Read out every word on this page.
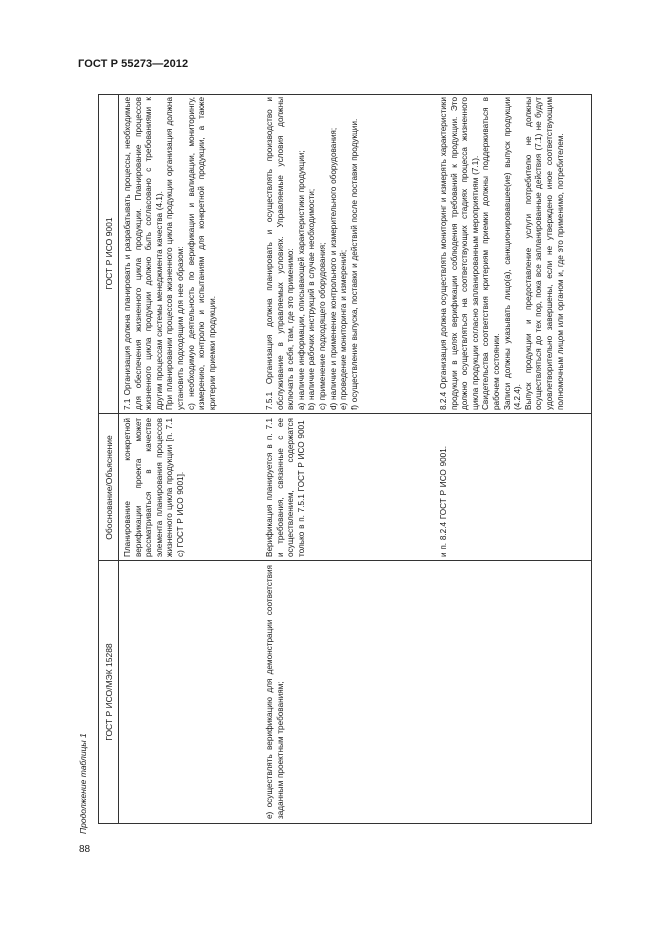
ГОСТ Р 55273—2012
Продолжение таблицы 1
ГОСТ Р ИСО/МЭК 15288
Обоснование/Объяснение
ГОСТ Р ИСО 9001
Планирование конкретной верификации проекта может рассматриваться в качестве элемента планирования процессов жизненного цикла продукции [п. 7.1 с) ГОСТ Р ИСО 9001].

7.1 Организация должна планировать и разрабатывать процессы, необходимые для обеспечения жизненного цикла продукции. Планирование процессов жизненного цикла продукции должно быть согласовано с требованиями к другим процессам системы менеджмента качества (4.1). При планировании процессов жизненного цикла продукции организация должна установить подходящим для нее образом: с) необходимую деятельность по верификации и валидации, мониторингу, измерению, контролю и испытаниям для конкретной продукции, а также критерии приемки продукции.

е) осуществлять верификацию для демонстрации соответствия заданным проектным требованиям;
Верификация планируется в п. 7.1 и требования, связанные с ее осуществлением, содержатся только в п. 7.5.1 ГОСТ Р ИСО 9001

7.5.1 Организация должна планировать и осуществлять производство и обслуживание в управляемых условиях. Управляемые условия должны включать в себя, там, где это применимо: а) наличие информации, описывающей характеристики продукции; b) наличие рабочих инструкций в случае необходимости; с) применение подходящего оборудования; d) наличие и применение контрольного и измерительного оборудования; е) проведение мониторинга и измерений; f) осуществление выпуска, поставки и действий после поставки продукции.

и п. 8.2.4 ГОСТ Р ИСО 9001.

8.2.4 Организация должна осуществлять мониторинг и измерять характеристики продукции в целях верификации соблюдения требований к продукции. Это должно осуществляться на соответствующих стадиях процесса жизненного цикла продукции согласно запланированным мероприятиям (7.1). Свидетельства соответствия критериям приемки должны поддерживаться в рабочем состоянии. Записи должны указывать лицо(а), санкционировавшее(ие) выпуск продукции (4.2.4). Выпуск продукции и предоставление услуги потребителю не должны осуществляться до тех пор, пока все запланированные действия (7.1) не будут удовлетворительно завершены, если не утверждено иное соответствующим полномочным лицом или органом и, где это применимо, потребителем.

88
